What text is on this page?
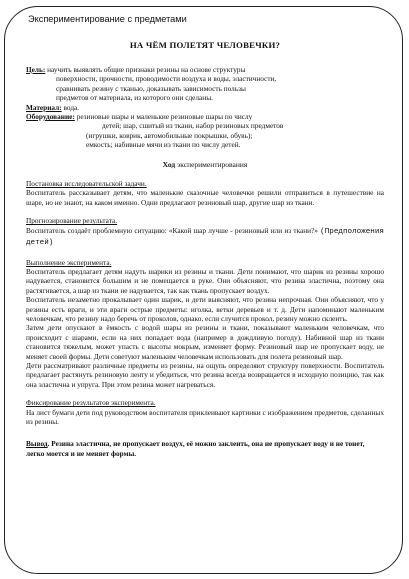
Экспериментирование с предметами
НА ЧЁМ ПОЛЕТЯТ ЧЕЛОВЕЧКИ?
Цель: научить выявлять общие признаки резины на основе структуры
поверхности, прочности, проводимости воздуха и воды, эластичности,
сравнивать резину с тканью, доказывать зависимость пользы
предметов от материала, из которого они сделаны.
Материал: вода.
Оборудование: резиновые шары и маленькие резиновые шары по числу
детей; шар, сшитый из ткани, набор резиновых предметов
(игрушки, коврик, автомобильные покрышки, обувь);
емкость; набивные мячи из ткани по числу детей.
Ход экспериментирования
Постановка исследовательской задачи.

Воспитатель рассказывает детям, что маленькие сказочные человечки решили отправиться в путешествие на шаре, но не знают, на каком именно. Одни предлагают резиновый шар, другие шар из ткани.

Прогнозирование результата.

Воспитатель создаёт проблемную ситуацию: «Какой шар лучше - резиновый или из ткани?» (Предположения детей)

Выполнение эксперимента.

Воспитатель предлагает детям надуть шарики из резины и ткани. Дети понимают, что шарик из резины хорошо надувается, становится большим и не помещается в руке. Они объясняют, что резина эластична, поэтому она растягивается, а шар из ткани не надувается, так как ткань пропускает воздух.

Воспитатель незаметно прокалывает один шарик, и дети выясняют, что резина непрочная. Они объясняют, что у резины есть враги, и эти враги острые предметы: иголка, ветки деревьев и т. д. Дети напоминают маленьким человечкам, что резину надо беречь от проколов, однако, если случится прокол, резину можно склеить.

Затем дети опускают в ёмкость с водой шары из резины и ткани, показывают маленьким человечкам, что происходит с шарами, если на них попадает вода (например в дождливую погоду). Набивной шар из ткани становится тяжелым, может упасть с высоты мокрым, изменяет форму. Резиновый шар не пропускает воду, не меняет своей формы. Дети советуют маленьким человечкам использовать для полета резиновый шар.

Дети рассматривают различные предметы из резины, на ощупь определяют структуру поверхности. Воспитатель предлагает растянуть резиновую ленту и убедиться, что резина всегда возвращается в исходную позицию, так как она эластична и упруга. При этом резина может нагреваться.

Фиксирование результатов эксперимента.

На лист бумаги дети под руководством воспитателя приклеивают картинки с изображением предметов, сделанных из резины.

Вывод. Резина эластична, не пропускает воздух, её можно заклеить, она не пропускает воду и не тонет, легко моется и не меняет формы.
